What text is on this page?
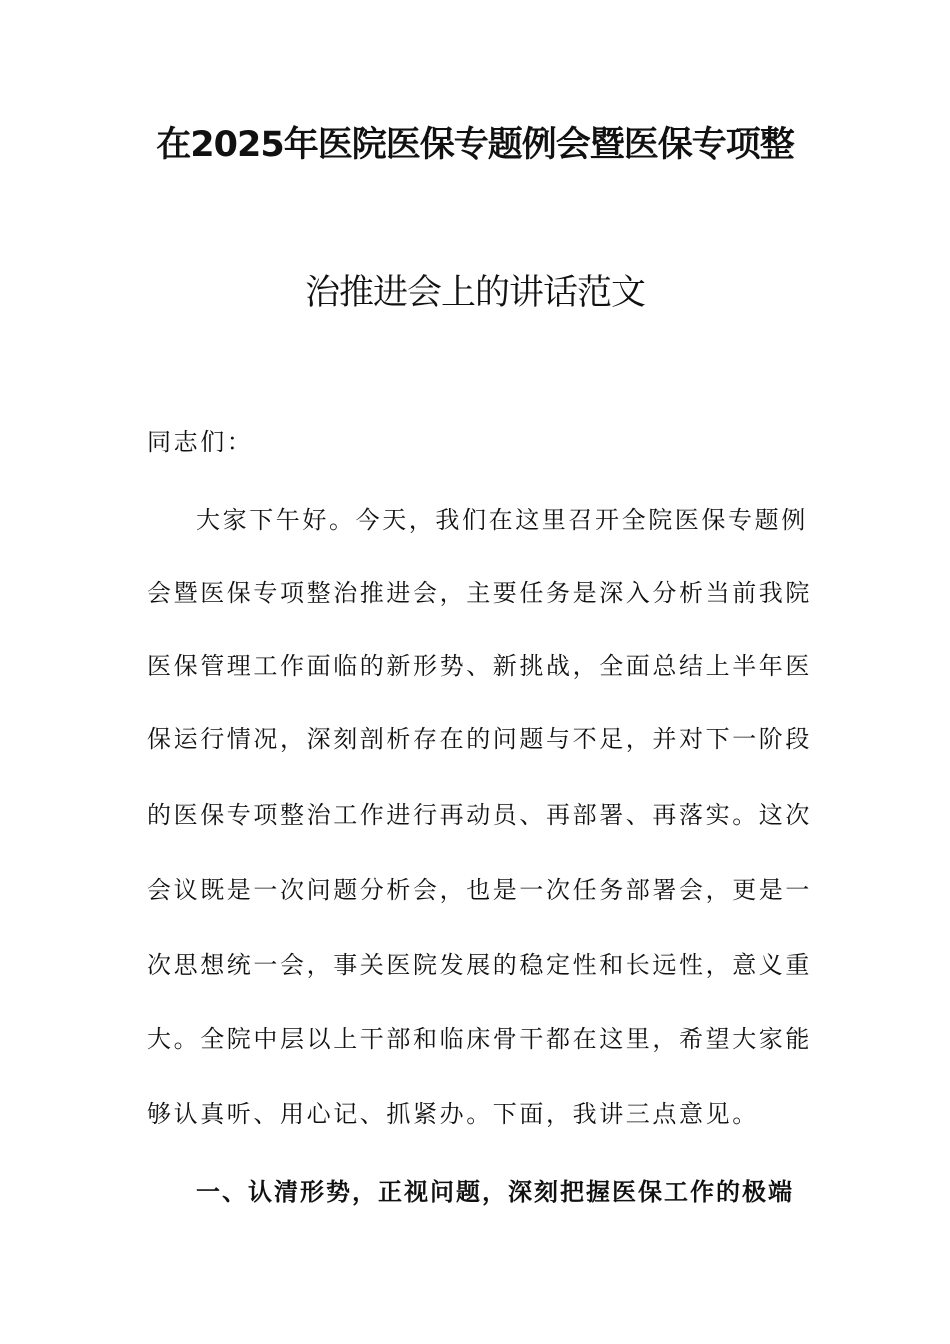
在2025年医院医保专题例会暨医保专项整
治推进会上的讲话范文
同志们：
大家下午好。今天，我们在这里召开全院医保专题例
会暨医保专项整治推进会，主要任务是深入分析当前我院
医保管理工作面临的新形势、新挑战，全面总结上半年医
保运行情况，深刻剖析存在的问题与不足，并对下一阶段
的医保专项整治工作进行再动员、再部署、再落实。这次
会议既是一次问题分析会，也是一次任务部署会，更是一
次思想统一会，事关医院发展的稳定性和长远性，意义重
大。全院中层以上干部和临床骨干都在这里，希望大家能
够认真听、用心记、抓紧办。下面，我讲三点意见。
一、认清形势，正视问题，深刻把握医保工作的极端
